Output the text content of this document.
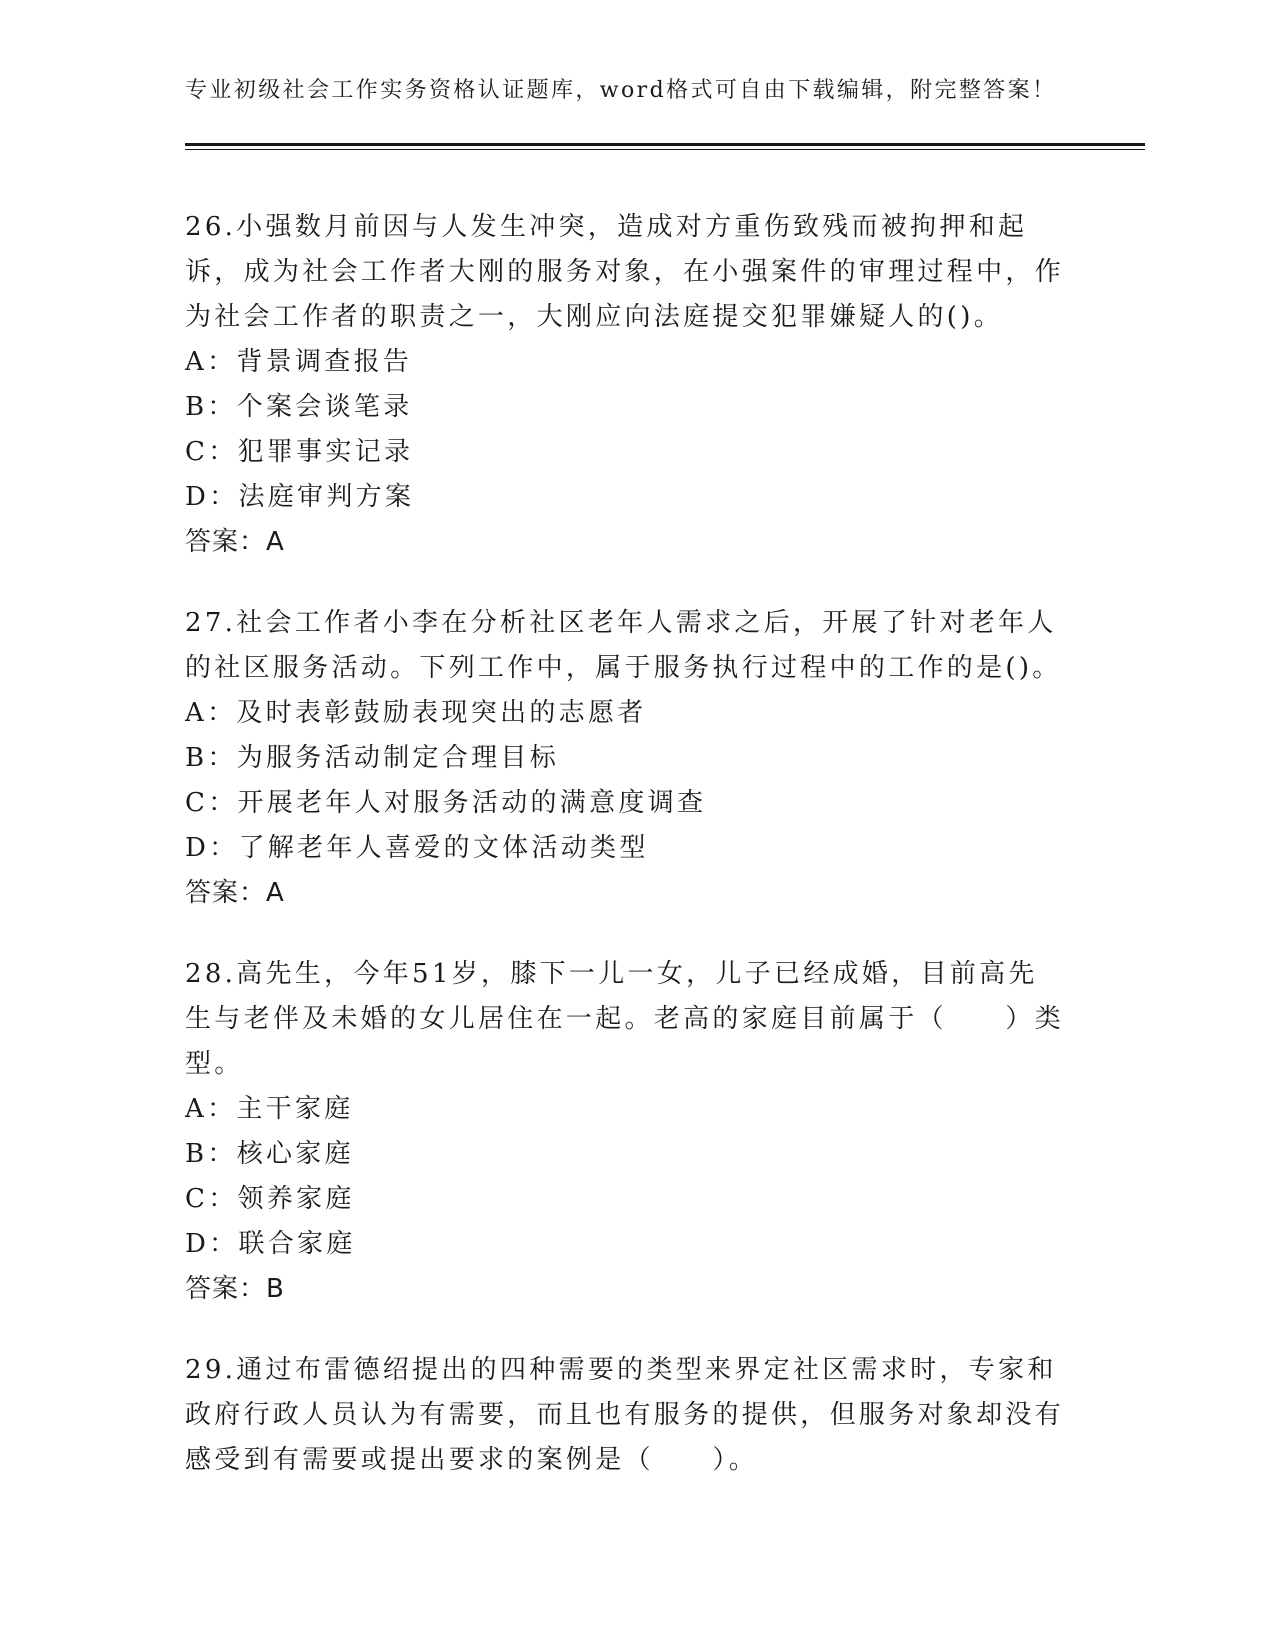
专业初级社会工作实务资格认证题库，word格式可自由下载编辑，附完整答案！

26.小强数月前因与人发生冲突，造成对方重伤致残而被拘押和起诉，成为社会工作者大刚的服务对象，在小强案件的审理过程中，作为社会工作者的职责之一，大刚应向法庭提交犯罪嫌疑人的()。

A：背景调查报告

B：个案会谈笔录

C：犯罪事实记录

D：法庭审判方案

答案：A

27.社会工作者小李在分析社区老年人需求之后，开展了针对老年人的社区服务活动。下列工作中，属于服务执行过程中的工作的是()。

A：及时表彰鼓励表现突出的志愿者

B：为服务活动制定合理目标

C：开展老年人对服务活动的满意度调查

D：了解老年人喜爱的文体活动类型

答案：A

28.高先生，今年51岁，膝下一儿一女，儿子已经成婚，目前高先生与老伴及未婚的女儿居住在一起。老高的家庭目前属于（　　）类型。

A：主干家庭

B：核心家庭

C：领养家庭

D：联合家庭

答案：B

29.通过布雷德绍提出的四种需要的类型来界定社区需求时，专家和政府行政人员认为有需要，而且也有服务的提供，但服务对象却没有感受到有需要或提出要求的案例是（　　）。
